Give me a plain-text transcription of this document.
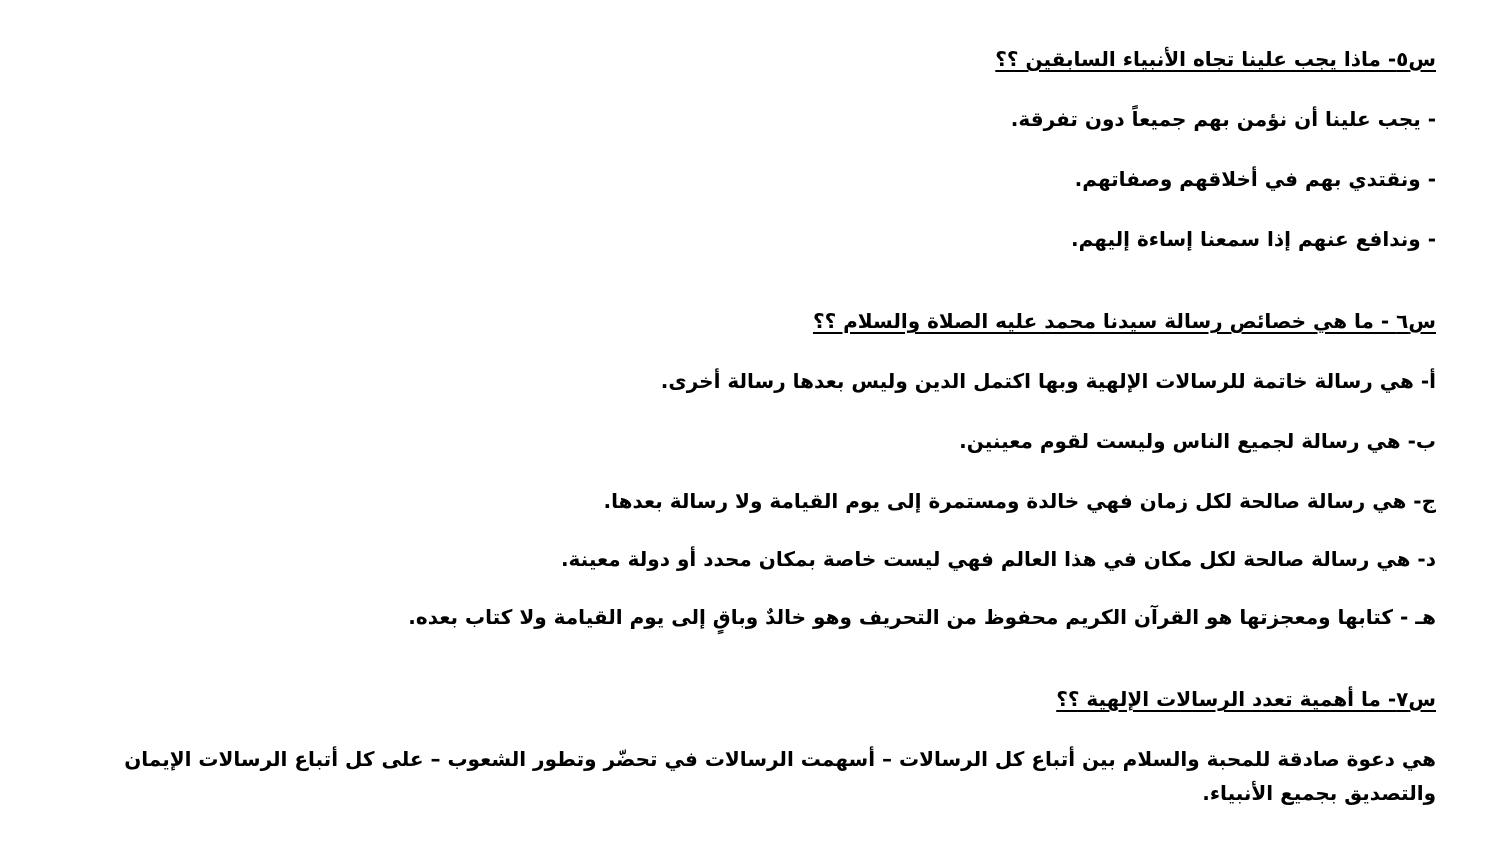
س٥- ماذا يجب علينا تجاه الأنبياء السابقين ؟؟
- يجب علينا أن نؤمن بهم جميعاً دون تفرقة.
- ونقتدي بهم في أخلاقهم وصفاتهم.
- وندافع عنهم إذا سمعنا إساءة إليهم.
س٦ - ما هي خصائص رسالة سيدنا محمد عليه الصلاة والسلام ؟؟
أ- هي رسالة خاتمة للرسالات الإلهية وبها اكتمل الدين وليس بعدها رسالة أخرى.
ب- هي رسالة لجميع الناس وليست لقوم معينين.
ج- هي رسالة صالحة لكل زمان فهي خالدة ومستمرة إلى يوم القيامة ولا رسالة بعدها.
د- هي رسالة صالحة لكل مكان في هذا العالم فهي ليست خاصة بمكان محدد أو دولة معينة.
هـ - كتابها ومعجزتها هو القرآن الكريم محفوظ من التحريف وهو خالدٌ وباقٍ إلى يوم القيامة ولا كتاب بعده.
س٧- ما أهمية تعدد الرسالات الإلهية ؟؟
هي دعوة صادقة للمحبة والسلام بين أتباع كل الرسالات – أسهمت الرسالات في تحضّر وتطور الشعوب – على كل أتباع الرسالات الإيمان والتصديق بجميع الأنبياء.
